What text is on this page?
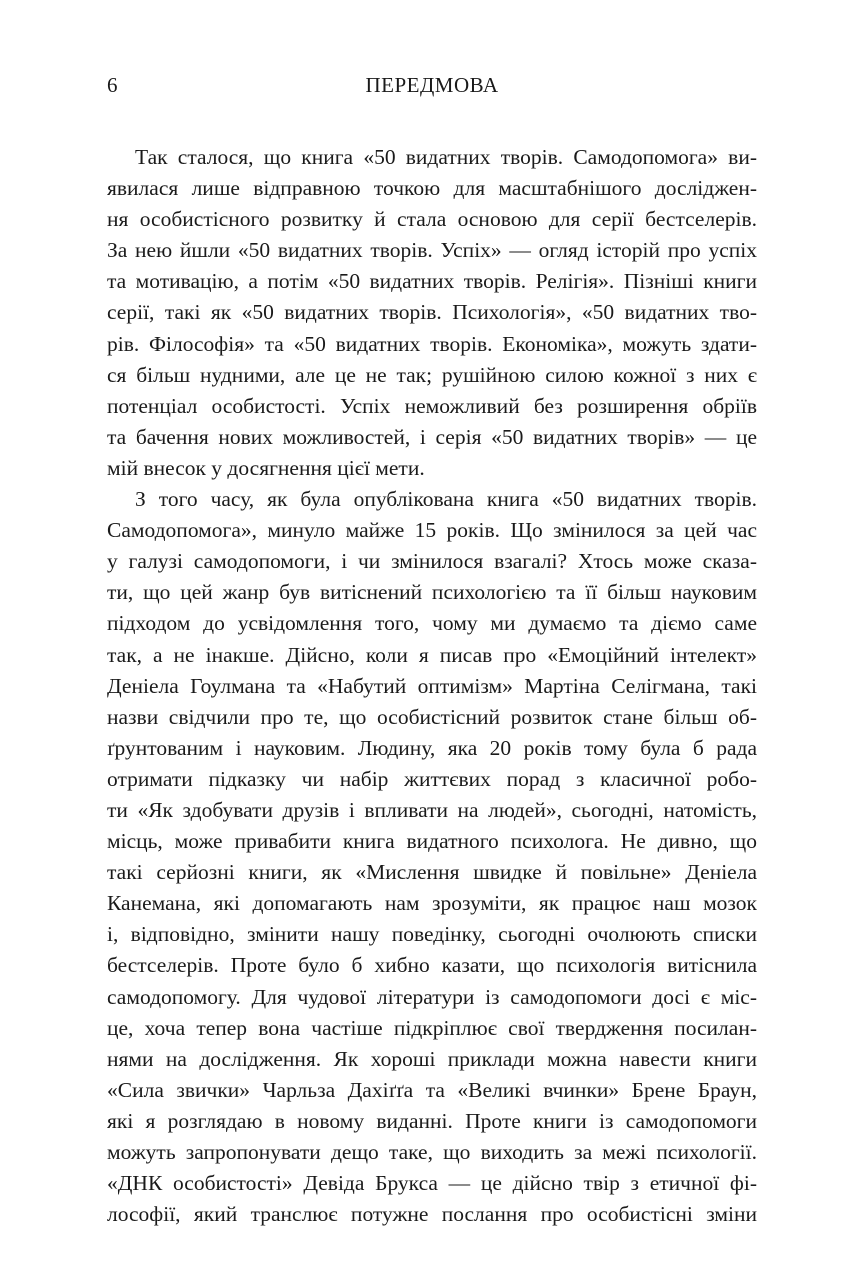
6	ПЕРЕДМОВА
Так сталося, що книга «50 видатних творів. Самодопомога» ви-
явилася лише відправною точкою для масштабнішого досліджен-
ня особистісного розвитку й стала основою для серії бестселерів.
За нею йшли «50 видатних творів. Успіх» — огляд історій про успіх
та мотивацію, а потім «50 видатних творів. Релігія». Пізніші книги
серії, такі як «50 видатних творів. Психологія», «50 видатних тво-
рів. Філософія» та «50 видатних творів. Економіка», можуть здати-
ся більш нудними, але це не так; рушійною силою кожної з них є
потенціал особистості. Успіх неможливий без розширення обріїв
та бачення нових можливостей, і серія «50 видатних творів» — це
мій внесок у досягнення цієї мети.
З того часу, як була опублікована книга «50 видатних творів.
Самодопомога», минуло майже 15 років. Що змінилося за цей час
у галузі самодопомоги, і чи змінилося взагалі? Хтось може сказа-
ти, що цей жанр був витіснений психологією та її більш науковим
підходом до усвідомлення того, чому ми думаємо та діємо саме
так, а не інакше. Дійсно, коли я писав про «Емоційний інтелект»
Деніела Гоулмана та «Набутий оптимізм» Мартіна Селігмана, такі
назви свідчили про те, що особистісний розвиток стане більш об-
ґрунтованим і науковим. Людину, яка 20 років тому була б рада
отримати підказку чи набір життєвих порад з класичної робо-
ти «Як здобувати друзів і впливати на людей», сьогодні, натомість,
місць, може привабити книга видатного психолога. Не дивно, що
такі серйозні книги, як «Мислення швидке й повільне» Деніела
Канемана, які допомагають нам зрозуміти, як працює наш мозок
і, відповідно, змінити нашу поведінку, сьогодні очолюють списки
бестселерів. Проте було б хибно казати, що психологія витіснила
самодопомогу. Для чудової літератури із самодопомоги досі є міс-
це, хоча тепер вона частіше підкріплює свої твердження посилан-
нями на дослідження. Як хороші приклади можна навести книги
«Сила звички» Чарльза Дахіґґа та «Великі вчинки» Брене Браун,
які я розглядаю в новому виданні. Проте книги із самодопомоги
можуть запропонувати дещо таке, що виходить за межі психології.
«ДНК особистості» Девіда Брукса — це дійсно твір з етичної фі-
лософії, який транслює потужне послання про особистісні зміни
